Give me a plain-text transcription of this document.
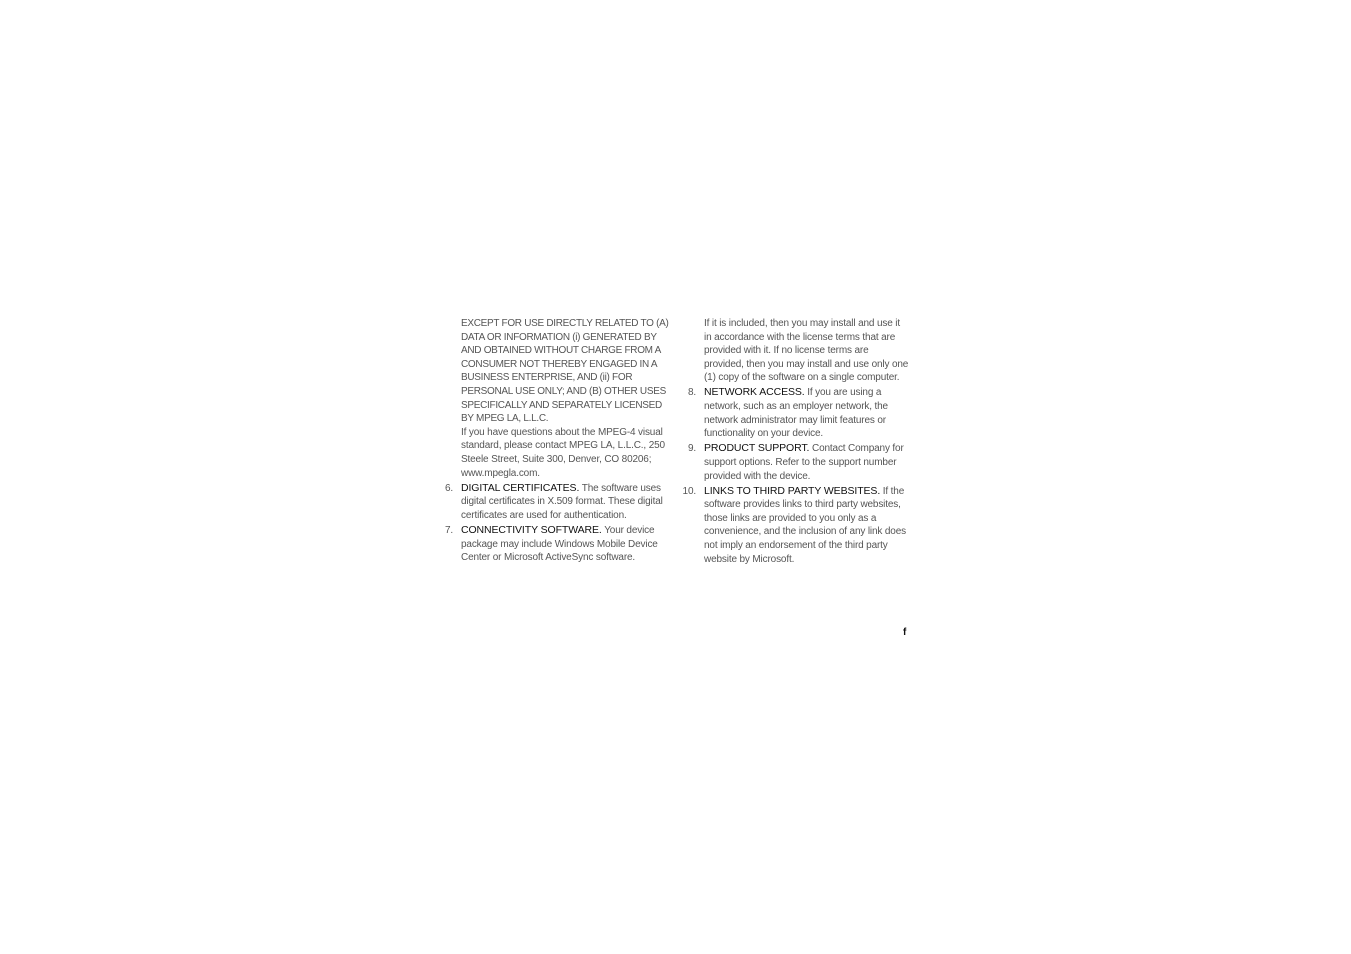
EXCEPT FOR USE DIRECTLY RELATED TO (A) DATA OR INFORMATION (i) GENERATED BY AND OBTAINED WITHOUT CHARGE FROM A CONSUMER NOT THEREBY ENGAGED IN A BUSINESS ENTERPRISE, AND (ii) FOR PERSONAL USE ONLY; AND (B) OTHER USES SPECIFICALLY AND SEPARATELY LICENSED BY MPEG LA, L.L.C.

If you have questions about the MPEG-4 visual standard, please contact MPEG LA, L.L.C., 250 Steele Street, Suite 300, Denver, CO 80206; www.mpegla.com.

6. DIGITAL CERTIFICATES. The software uses digital certificates in X.509 format. These digital certificates are used for authentication.
7. CONNECTIVITY SOFTWARE. Your device package may include Windows Mobile Device Center or Microsoft ActiveSync software.

If it is included, then you may install and use it in accordance with the license terms that are provided with it. If no license terms are provided, then you may install and use only one (1) copy of the software on a single computer.

8. NETWORK ACCESS. If you are using a network, such as an employer network, the network administrator may limit features or functionality on your device.
9. PRODUCT SUPPORT. Contact Company for support options. Refer to the support number provided with the device.
10. LINKS TO THIRD PARTY WEBSITES. If the software provides links to third party websites, those links are provided to you only as a convenience, and the inclusion of any link does not imply an endorsement of the third party website by Microsoft.
f
